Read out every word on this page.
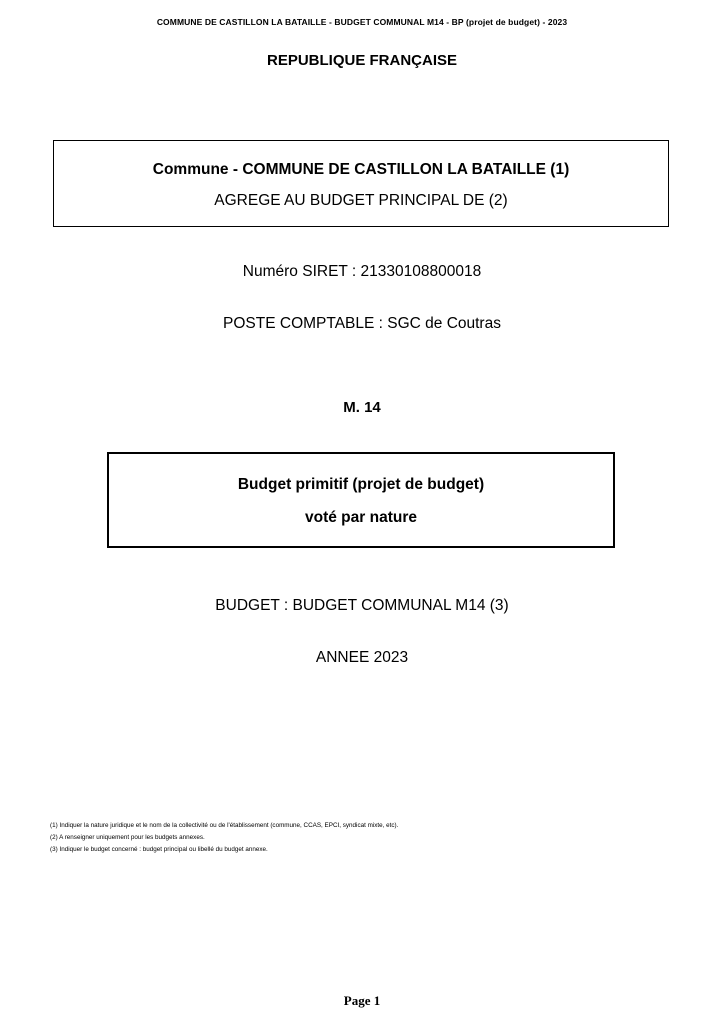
COMMUNE DE CASTILLON LA BATAILLE - BUDGET COMMUNAL M14 - BP (projet de budget) - 2023
REPUBLIQUE FRANÇAISE
Commune - COMMUNE DE CASTILLON LA BATAILLE (1)
AGREGE AU BUDGET PRINCIPAL DE (2)
Numéro SIRET : 21330108800018
POSTE COMPTABLE : SGC de Coutras
M. 14
Budget primitif (projet de budget)
voté par nature
BUDGET : BUDGET COMMUNAL M14 (3)
ANNEE 2023
(1) Indiquer la nature juridique et le nom de la collectivité ou de l'établissement (commune, CCAS, EPCI, syndicat mixte, etc).
(2) A renseigner uniquement pour les budgets annexes.
(3) Indiquer le budget concerné : budget principal ou libellé du budget annexe.
Page 1
